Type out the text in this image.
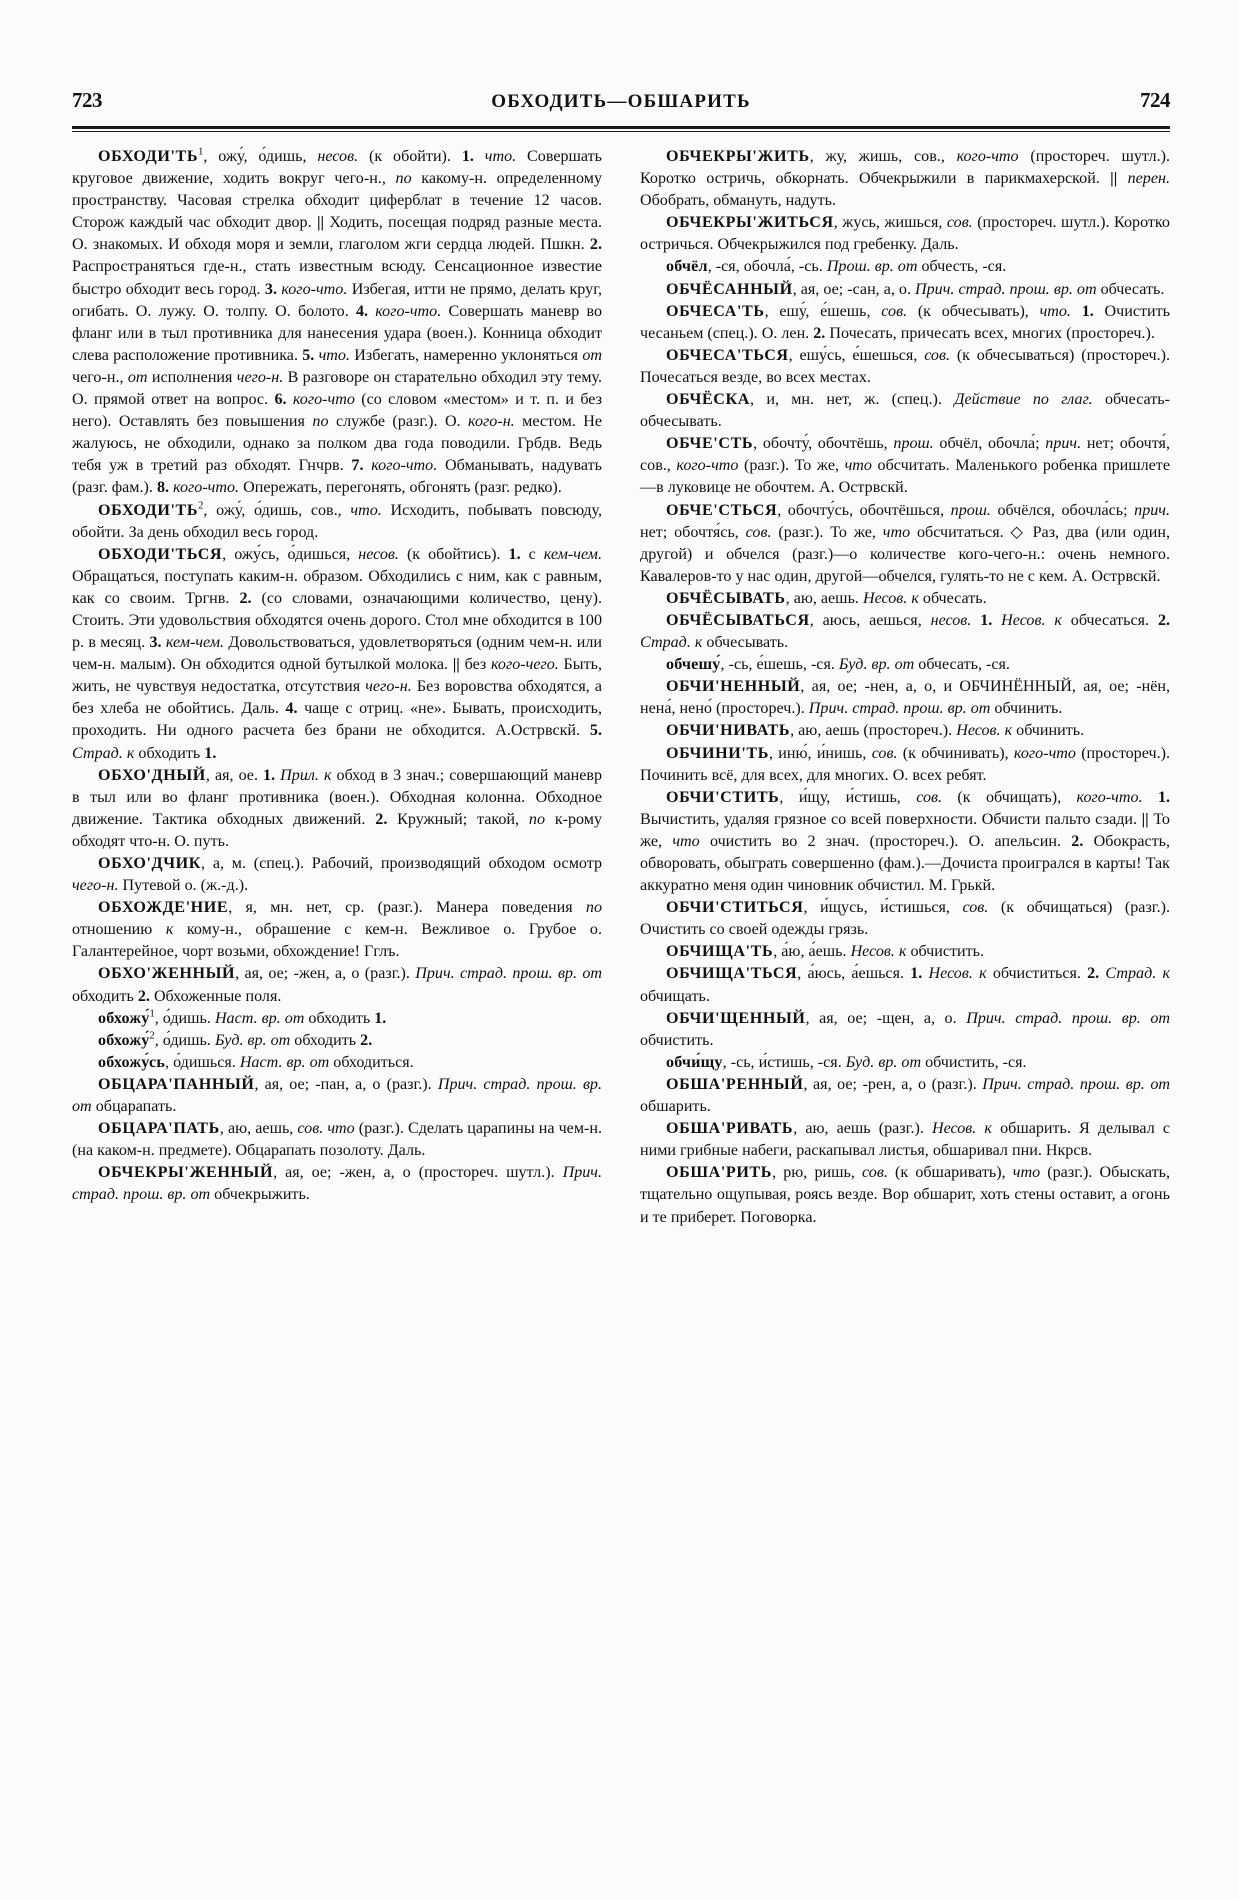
723	ОБХОДИТЬ—ОБШАРИТЬ	724

$ОБХОДИ'ТЬ^1$, ожу́, о́дишь, несов. (к обойти). 1. что. Совершать круговое движение, ходить вокруг чего-н., по какому-н. определенному пространству. Часовая стрелка обходит циферблат в течение 12 часов. Сторож каждый час обходит двор. || Ходить, посещая подряд разные места. О. знакомых. И обходя моря и земли, глаголом жги сердца людей. Пшкн. 2. Распространяться где-н., стать известным всюду. Сенсационное известие быстро обходит весь город. 3. кого-что. Избегая, итти не прямо, делать круг, огибать. О. лужу. О. толпу. О. болото. 4. кого-что. Совершать маневр во фланг или в тыл противника для нанесения удара (воен.). Конница обходит слева расположение противника. 5. что. Избегать, намеренно уклоняться от чего-н., от исполнения чего-н. В разговоре он старательно обходил эту тему. О. прямой ответ на вопрос. 6. кого-что (со словом «местом» и т. п. и без него). Оставлять без повышения по службе (разг.). О. кого-н. местом. Не жалуюсь, не обходили, однако за полком два года поводили. Грбдв. Ведь тебя уж в третий раз обходят. Гнчрв. 7. кого-что. Обманывать, надувать (разг. фам.). 8. кого-что. Опережать, перегонять, обгонять (разг. редко).

$ОБХОДИ'ТЬ^2$, ожу́, о́дишь, сов., что. Исходить, побывать повсюду, обойти. За день обходил весь город.

ОБХОДИ'ТЬСЯ, ожу́сь, о́дишься, несов. (к обойтись). 1. с кем-чем. Обращаться, поступать каким-н. образом. Обходились с ним, как с равным, как со своим. Тргнв. 2. (со словами, означающими количество, цену). Стоить. Эти удовольствия обходятся очень дорого. Стол мне обходится в 100 р. в месяц. 3. кем-чем. Довольствоваться, удовлетворяться (одним чем-н. или чем-н. малым). Он обходится одной бутылкой молока. || без кого-чего. Быть, жить, не чувствуя недостатка, отсутствия чего-н. Без воровства обходятся, а без хлеба не обойтись. Даль. 4. чаще с отриц. «не». Бывать, происходить, проходить. Ни одного расчета без брани не обходится. А.Острвскй. 5. Страд. к обходить 1.

ОБХО'ДНЫЙ, ая, ое. 1. Прил. к обход в 3 знач.; совершающий маневр в тыл или во фланг противника (воен.). Обходная колонна. Обходное движение. Тактика обходных движений. 2. Кружный; такой, по к-рому обходят что-н. О. путь.

ОБХО'ДЧИК, а, м. (спец.). Рабочий, производящий обходом осмотр чего-н. Путевой о. (ж.-д.).

ОБХОЖДЕ'НИЕ, я, мн. нет, ср. (разг.). Манера поведения по отношению к кому-н., обрашение с кем-н. Вежливое о. Грубое о. Галантерейное, чорт возьми, обхождение! Гглъ.

ОБХО'ЖЕННЫЙ, ая, ое; -жен, а, о (разг.). Прич. страд. прош. вр. от обходить 2. Обхоженные поля.

обхожу́$^1$, о́дишь. Наст. вр. от обходить 1.

обхожу́$^2$, о́дишь. Буд. вр. от обходить 2.

обхожу́сь, о́дишься. Наст. вр. от обходиться.

ОБЦАРА'ПАННЫЙ, ая, ое; -пан, а, о (разг.). Прич. страд. прош. вр. от обцарапать.

ОБЦАРА'ПАТЬ, аю, аешь, сов. что (разг.). Сделать царапины на чем-н. (на каком-н. предмете). Обцарапать позолоту. Даль.

ОБЧЕКРЫ'ЖЕННЫЙ, ая, ое; -жен, а, о (простореч. шутл.). Прич. страд. прош. вр. от обчекрыжить.

ОБЧЕКРЫ'ЖИТЬ, жу, жишь, сов., кого-что (простореч. шутл.). Коротко остричь, обкорнать. Обчекрыжили в парикмахерской. || перен. Обобрать, обмануть, надуть.

ОБЧЕКРЫ'ЖИТЬСЯ, жусь, жишься, сов. (простореч. шутл.). Коротко остричься. Обчекрыжился под гребенку. Даль.

обчёл, -ся, обочла́, -сь. Прош. вр. от обчесть, -ся.

ОБЧЁСАННЫЙ, ая, ое; -сан, а, о. Прич. страд. прош. вр. от обчесать.

ОБЧЕСА'ТЬ, ешу́, е́шешь, сов. (к обчесывать), что. 1. Очистить чесаньем (спец.). О. лен. 2. Почесать, причесать всех, многих (простореч.).

ОБЧЕСА'ТЬСЯ, ешу́сь, е́шешься, сов. (к обчесываться) (простореч.). Почесаться везде, во всех местах.

ОБЧЁСКА, и, мн. нет, ж. (спец.). Действие по глаг. обчесать-обчесывать.

ОБЧЕ'СТЬ, обочту́, обочтёшь, прош. обчёл, обочла́; прич. нет; обочтя́, сов., кого-что (разг.). То же, что обсчитать. Маленького робенка пришлете—в луковице не обочтем. А. Острвскй.

ОБЧЕ'СТЬСЯ, обочту́сь, обочтёшься, прош. обчёлся, обочла́сь; прич. нет; обочтя́сь, сов. (разг.). То же, что обсчитаться. ◇ Раз, два (или один, другой) и обчелся (разг.)—о количестве кого-чего-н.: очень немного. Кавалеров-то у нас один, другой—обчелся, гулять-то не с кем. А. Острвскй.

ОБЧЁСЫВАТЬ, аю, аешь. Несов. к обчесать.

ОБЧЁСЫВАТЬСЯ, аюсь, аешься, несов. 1. Несов. к обчесаться. 2. Страд. к обчесывать.

обчешу́, -сь, е́шешь, -ся. Буд. вр. от обчесать, -ся.

ОБЧИ'НЕННЫЙ, ая, ое; -нен, а, о, и ОБЧИНЁННЫЙ, ая, ое; -нён, нена́, нено́ (простореч.). Прич. страд. прош. вр. от обчинить.

ОБЧИ'НИВАТЬ, аю, аешь (простореч.). Несов. к обчинить.

ОБЧИНИ'ТЬ, иню́, и́нишь, сов. (к обчинивать), кого-что (простореч.). Починить всё, для всех, для многих. О. всех ребят.

ОБЧИ'СТИТЬ, и́щу, и́стишь, сов. (к обчищать), кого-что. 1. Вычистить, удаляя грязное со всей поверхности. Обчисти пальто сзади. || То же, что очистить во 2 знач. (простореч.). О. апельсин. 2. Обокрасть, обворовать, обыграть совершенно (фам.).—Дочиста проигрался в карты! Так аккуратно меня один чиновник обчистил. М. Грькй.

ОБЧИ'СТИТЬСЯ, и́щусь, и́стишься, сов. (к обчищаться) (разг.). Очистить со своей одежды грязь.

ОБЧИЩА'ТЬ, а́ю, а́ешь. Несов. к обчистить.

ОБЧИЩА'ТЬСЯ, а́юсь, а́ешься. 1. Несов. к обчиститься. 2. Страд. к обчищать.

ОБЧИ'ЩЕННЫЙ, ая, ое; -щен, а, о. Прич. страд. прош. вр. от обчистить.

обчи́щу, -сь, и́стишь, -ся. Буд. вр. от обчистить, -ся.

ОБША'РЕННЫЙ, ая, ое; -рен, а, о (разг.). Прич. страд. прош. вр. от обшарить.

ОБША'РИВАТЬ, аю, аешь (разг.). Несов. к обшарить. Я делывал с ними грибные набеги, раскапывал листья, обшаривал пни. Нкрсв.

ОБША'РИТЬ, рю, ришь, сов. (к обшаривать), что (разг.). Обыскать, тщательно ощупывая, роясь везде. Вор обшарит, хоть стены оставит, а огонь и те приберет. Поговорка.
